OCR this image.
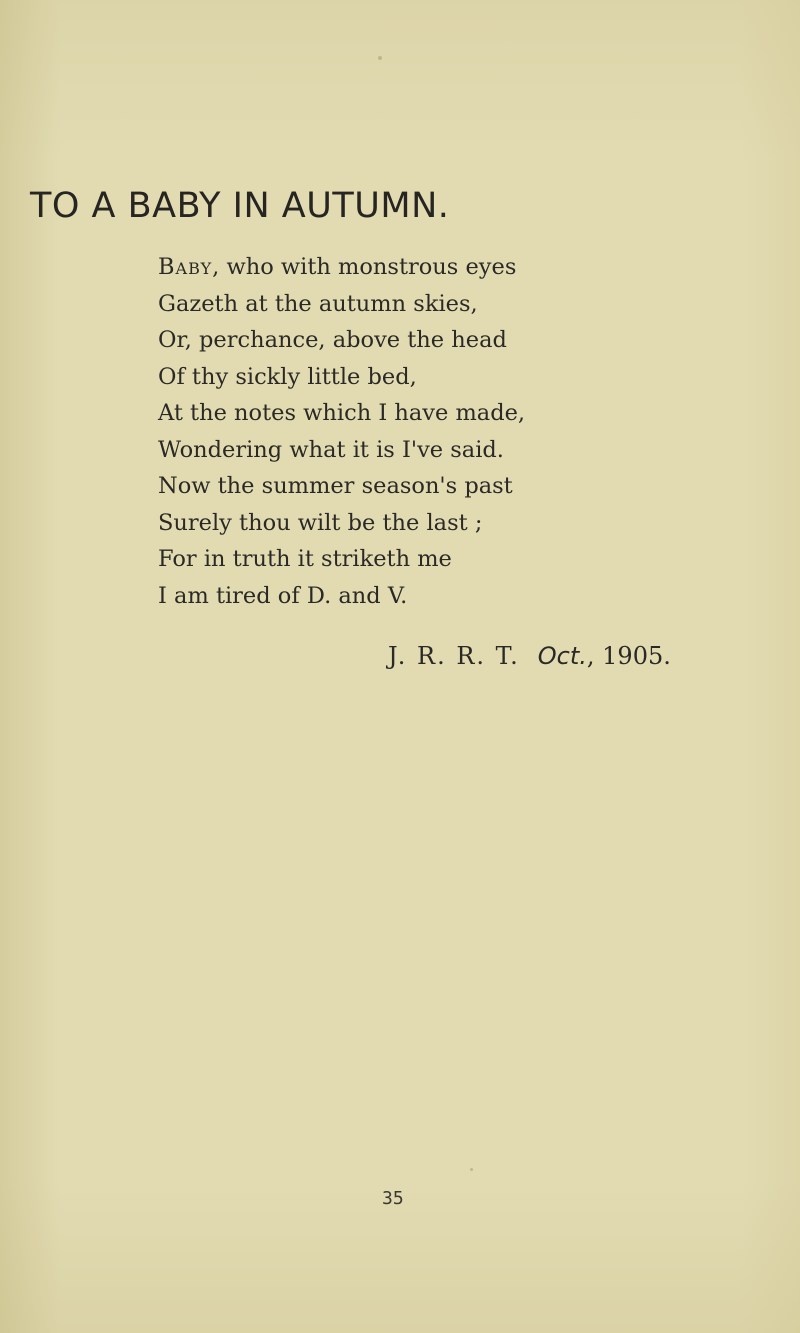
TO A BABY IN AUTUMN.
Baby, who with monstrous eyes
Gazeth at the autumn skies,
Or, perchance, above the head
Of thy sickly little bed,
At the notes which I have made,
Wondering what it is I've said.
Now the summer season's past
Surely thou wilt be the last ;
For in truth it striketh me
I am tired of D. and V.
J. R. R. T. Oct., 1905.
35
